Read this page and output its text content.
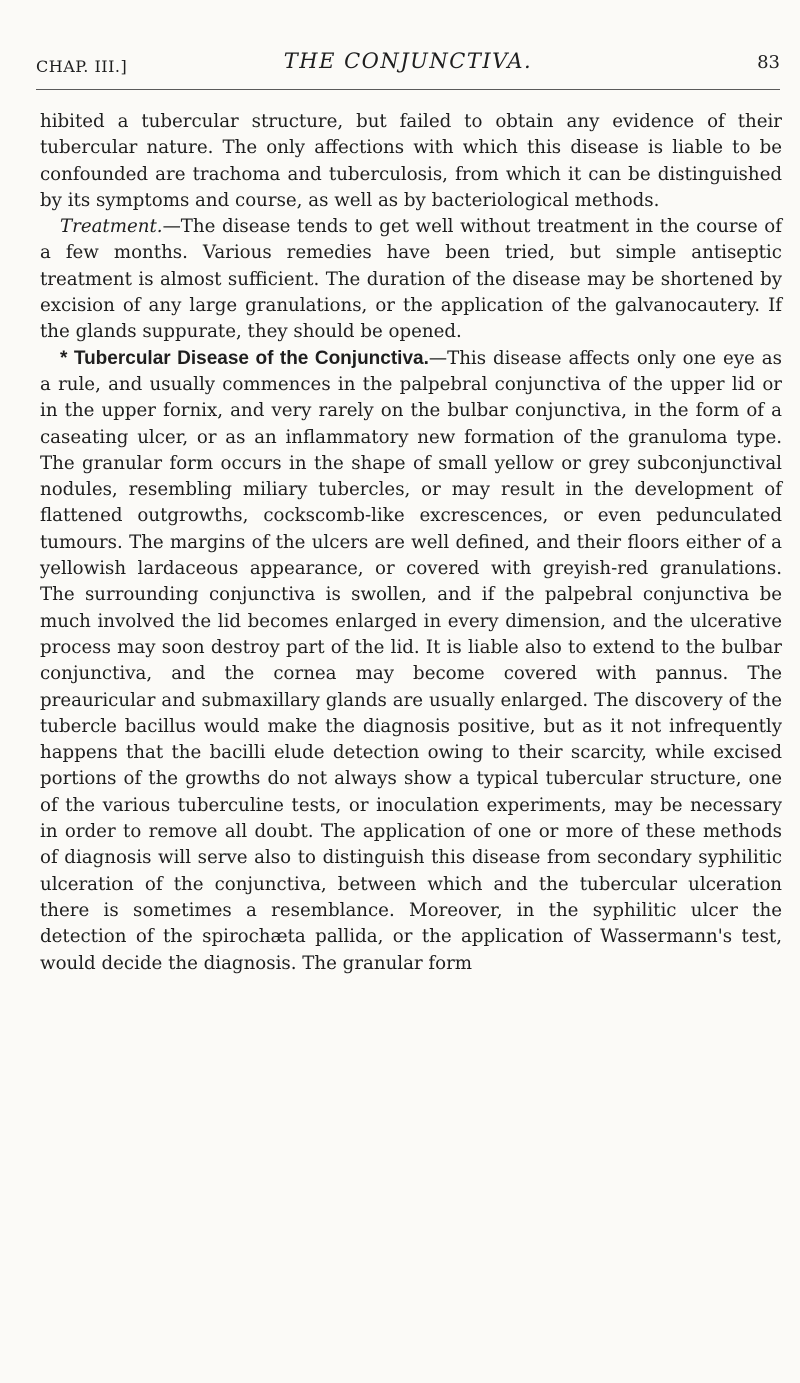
CHAP. III.]	THE CONJUNCTIVA.	83

hibited a tubercular structure, but failed to obtain any evidence of their tubercular nature. The only affections with which this disease is liable to be confounded are trachoma and tuberculosis, from which it can be distinguished by its symptoms and course, as well as by bacteriological methods.

Treatment.—The disease tends to get well without treatment in the course of a few months. Various remedies have been tried, but simple antiseptic treatment is almost sufficient. The duration of the disease may be shortened by excision of any large granulations, or the application of the galvanocautery. If the glands suppurate, they should be opened.

* Tubercular Disease of the Conjunctiva.—This disease affects only one eye as a rule, and usually commences in the palpebral conjunctiva of the upper lid or in the upper fornix, and very rarely on the bulbar conjunctiva, in the form of a caseating ulcer, or as an inflammatory new formation of the granuloma type. The granular form occurs in the shape of small yellow or grey subconjunctival nodules, resembling miliary tubercles, or may result in the development of flattened outgrowths, cockscomb-like excrescences, or even pedunculated tumours. The margins of the ulcers are well defined, and their floors either of a yellowish lardaceous appearance, or covered with greyish-red granulations. The surrounding conjunctiva is swollen, and if the palpebral conjunctiva be much involved the lid becomes enlarged in every dimension, and the ulcerative process may soon destroy part of the lid. It is liable also to extend to the bulbar conjunctiva, and the cornea may become covered with pannus. The preauricular and submaxillary glands are usually enlarged. The discovery of the tubercle bacillus would make the diagnosis positive, but as it not infrequently happens that the bacilli elude detection owing to their scarcity, while excised portions of the growths do not always show a typical tubercular structure, one of the various tuberculine tests, or inoculation experiments, may be necessary in order to remove all doubt. The application of one or more of these methods of diagnosis will serve also to distinguish this disease from secondary syphilitic ulceration of the conjunctiva, between which and the tubercular ulceration there is sometimes a resemblance. Moreover, in the syphilitic ulcer the detection of the spirochæta pallida, or the application of Wassermann's test, would decide the diagnosis. The granular form
